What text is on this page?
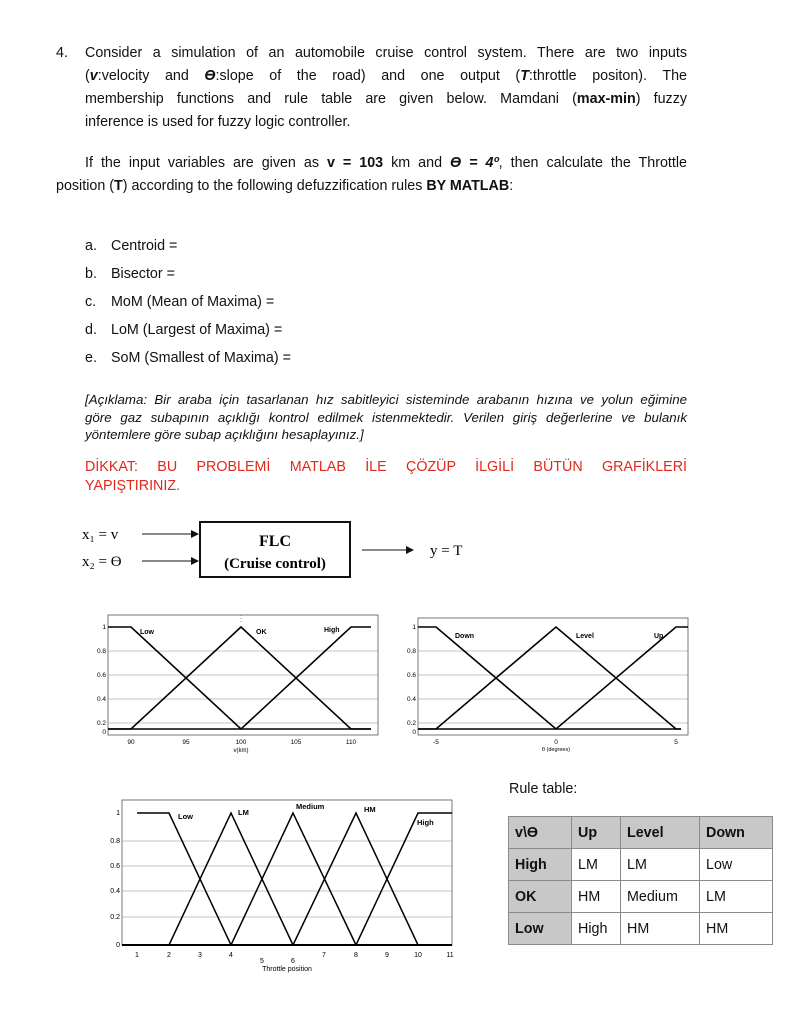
4. Consider a simulation of an automobile cruise control system. There are two inputs
(v:velocity and Ɵ:slope of the road) and one output (T:throttle positon). The
membership functions and rule table are given below. Mamdani (max-min) fuzzy
inference is used for fuzzy logic controller.
If the input variables are given as v = 103 km and Ɵ = 4º, then calculate the Throttle
position (T) according to the following defuzzification rules BY MATLAB:
a. Centroid =
b. Bisector =
c. MoM (Mean of Maxima) =
d. LoM (Largest of Maxima) =
e. SoM (Smallest of Maxima) =
[Açıklama: Bir araba için tasarlanan hız sabitleyici sisteminde arabanın hızına ve yolun eğimine
göre gaz subapının açıklığı kontrol edilmek istenmektedir. Verilen giriş değerlerine ve bulanık
yöntemlere göre subap açıklığını hesaplayınız.]
DİKKAT: BU PROBLEMİ MATLAB İLE ÇÖZÜP İLGİLİ BÜTÜN GRAFİKLERİ
YAPIŞTIRINIZ.
x₁ = v
x₂ = Ɵ
FLC
(Cruise control)
y = T
Low	OK	High
1
0.8
0.6
0.4
0.2
0
90	95	100	105	110
v(km)
Down	Level	Up
1
0.8
0.6
0.4
0.2
0
-5	0	5
θ (degrees)
Low	LM
Medium	HM
High
1
0.8
0.6
0.4
0.2
0
1	2	3	4
5	6
7	8	9	10	11
Throttle position
Rule table:
v\Ɵ	Up	Level	Down
High	LM	LM	Low
OK	HM	Medium	LM
Low	High	HM	HM
